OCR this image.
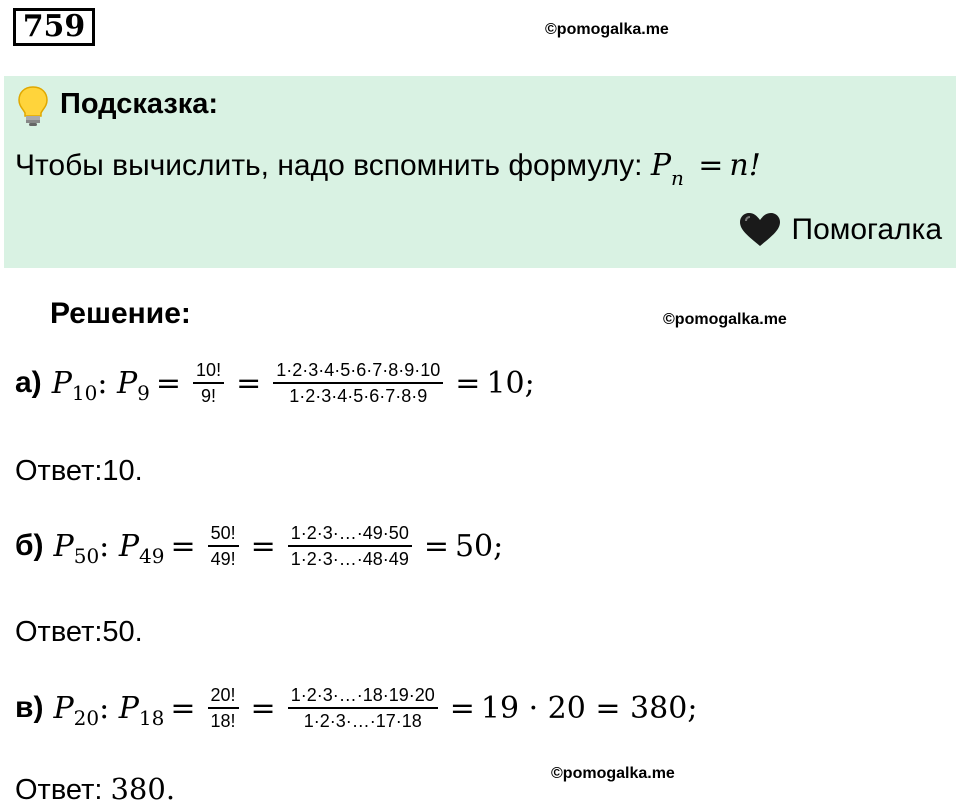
759	©pomogalka.me
Подсказка:
Чтобы вычислить, надо вспомнить формулу: $P_n = n$!
Помогалка
Решение:	©pomogalka.me
а) P 10 : P $9 = \frac{10!}{9!} = \frac{1\cdot 2\cdot 3\cdot 4\cdot 5\cdot 6\cdot 7\cdot 8\cdot 9\cdot 10}{1\cdot 2\cdot 3\cdot 4\cdot 5\cdot 6\cdot 7\cdot 8\cdot 9} = 10$;
Ответ:10.
б) P 50 : P $49 = \frac{50!}{49!} = \frac{1\cdot 2\cdot 3\cdot\dots\cdot 49\cdot 50}{1\cdot 2\cdot 3\cdot\dots\cdot 48\cdot 49} = 50$;
Ответ:50.
в) P 20 : P $18 = \frac{20!}{18!} = \frac{1\cdot 2\cdot 3\cdot\dots\cdot 18\cdot 19\cdot 20}{1\cdot 2\cdot 3\cdot\dots\cdot 17\cdot 18} = 19 \cdot 20 = 380$;
Ответ: 380.	©pomogalka.me
